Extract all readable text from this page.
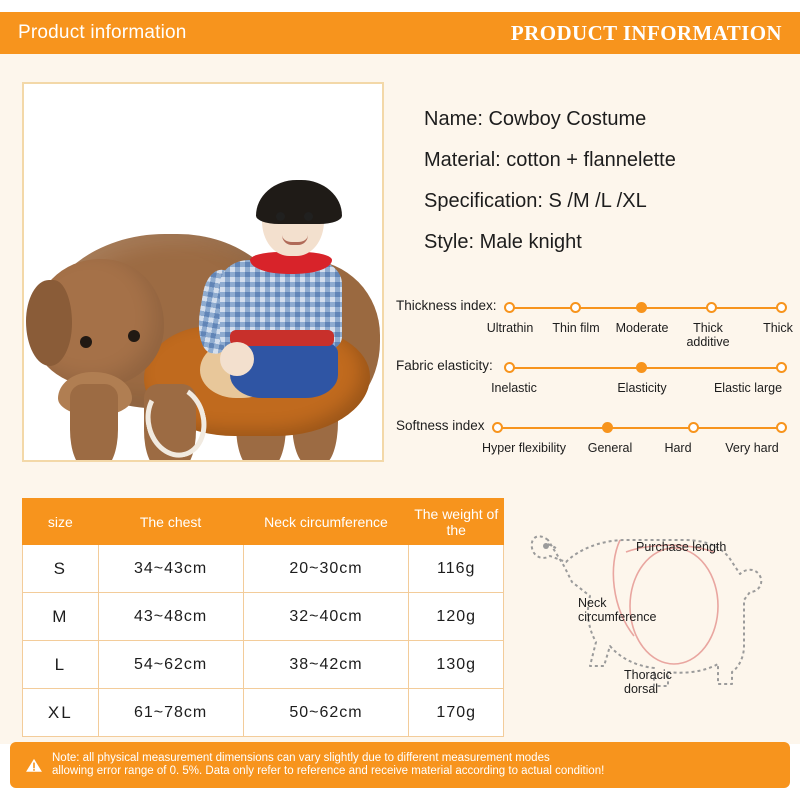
Product information	PRODUCT INFORMATION
Name: Cowboy Costume
Material: cotton + flannelette
Specification: S /M /L /XL
Style: Male knight
Thickness index:
Ultrathin Thin film Moderate	Thick additive
Thick
Fabric elasticity:
Inelastic	Elasticity	Elastic large
Softness index
Hyper flexibility General	Hard	Very hard
size	The chest	Neck circumference	The weight of the
S	34~43cm	20~30cm	116g
M	43~48cm	32~40cm	120g
L	54~62cm	38~42cm	130g
XL	61~78cm	50~62cm	170g
Purchase length
Neck circumference
Thoracic dorsal
Note: all physical measurement dimensions can vary slightly due to different measurement modes
allowing error range of 0. 5%. Data only refer to reference and receive material according to actual condition!
